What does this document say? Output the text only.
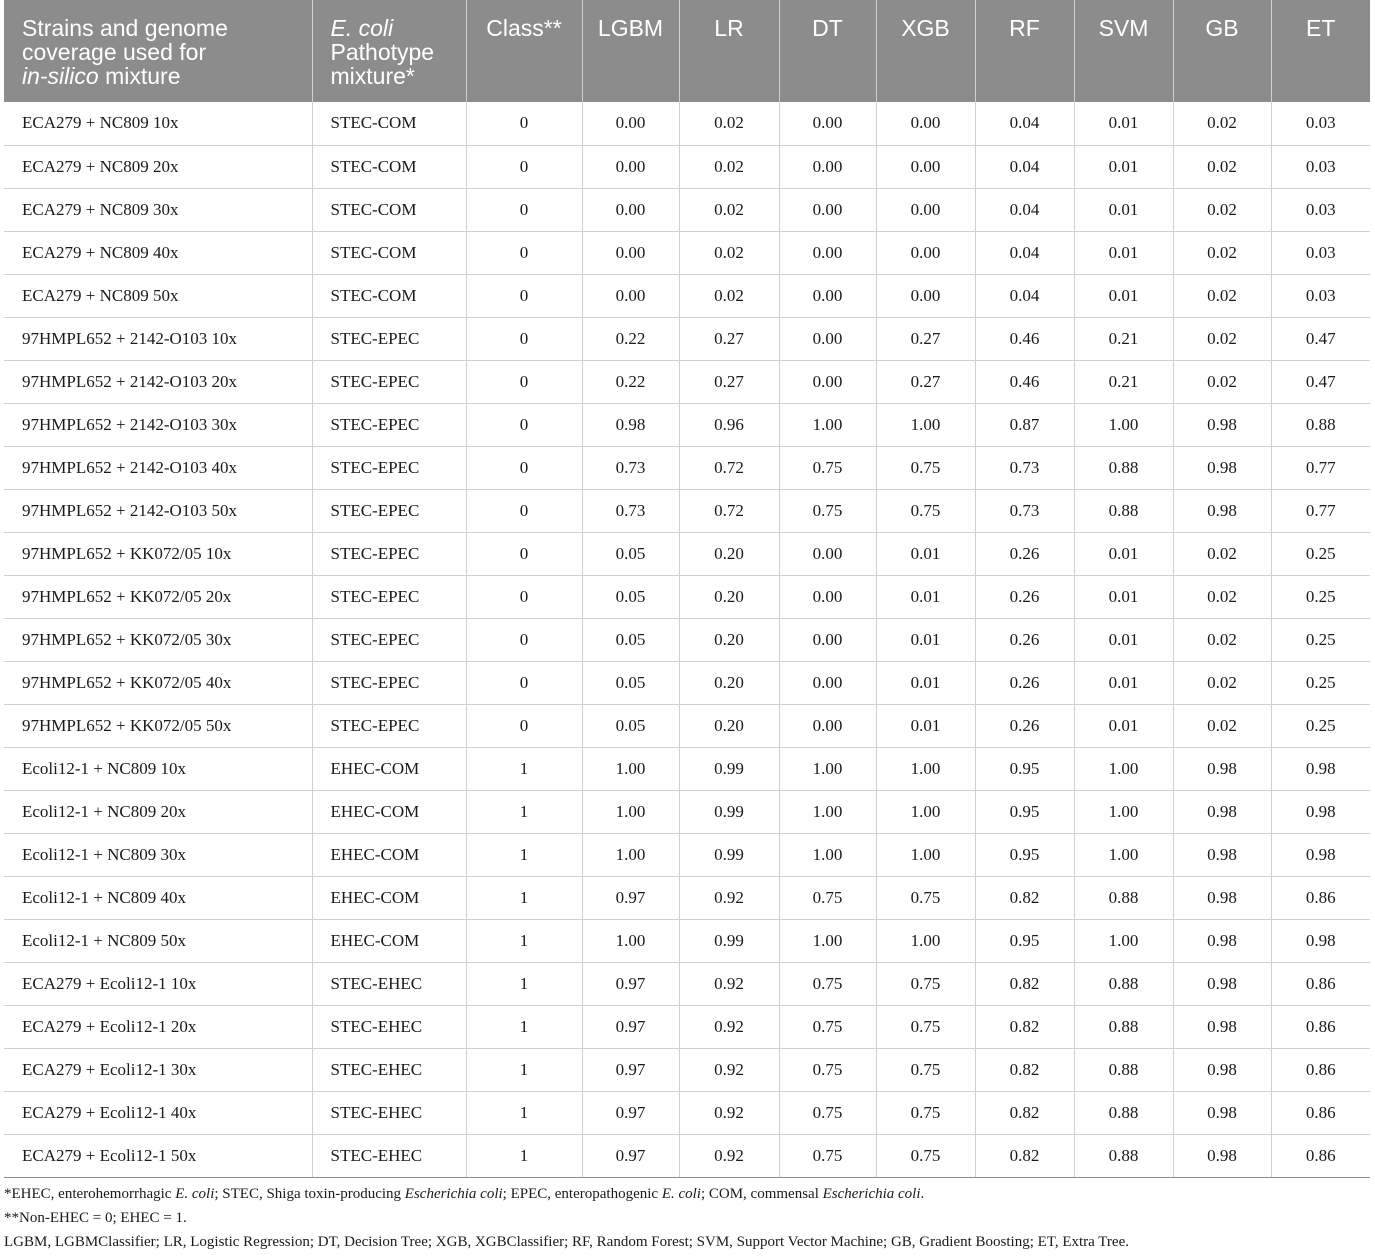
Strains and genome
coverage used for
in-silico mixture	E. coli
Pathotype
mixture*	Class**	LGBM	LR	DT	XGB	RF	SVM	GB	ET
ECA279 + NC809 10x	STEC-COM	0	0.00	0.02	0.00	0.00	0.04	0.01	0.02	0.03
ECA279 + NC809 20x	STEC-COM	0	0.00	0.02	0.00	0.00	0.04	0.01	0.02	0.03
ECA279 + NC809 30x	STEC-COM	0	0.00	0.02	0.00	0.00	0.04	0.01	0.02	0.03
ECA279 + NC809 40x	STEC-COM	0	0.00	0.02	0.00	0.00	0.04	0.01	0.02	0.03
ECA279 + NC809 50x	STEC-COM	0	0.00	0.02	0.00	0.00	0.04	0.01	0.02	0.03
97HMPL652 + 2142-O103 10x	STEC-EPEC	0	0.22	0.27	0.00	0.27	0.46	0.21	0.02	0.47
97HMPL652 + 2142-O103 20x	STEC-EPEC	0	0.22	0.27	0.00	0.27	0.46	0.21	0.02	0.47
97HMPL652 + 2142-O103 30x	STEC-EPEC	0	0.98	0.96	1.00	1.00	0.87	1.00	0.98	0.88
97HMPL652 + 2142-O103 40x	STEC-EPEC	0	0.73	0.72	0.75	0.75	0.73	0.88	0.98	0.77
97HMPL652 + 2142-O103 50x	STEC-EPEC	0	0.73	0.72	0.75	0.75	0.73	0.88	0.98	0.77
97HMPL652 + KK072/05 10x	STEC-EPEC	0	0.05	0.20	0.00	0.01	0.26	0.01	0.02	0.25
97HMPL652 + KK072/05 20x	STEC-EPEC	0	0.05	0.20	0.00	0.01	0.26	0.01	0.02	0.25
97HMPL652 + KK072/05 30x	STEC-EPEC	0	0.05	0.20	0.00	0.01	0.26	0.01	0.02	0.25
97HMPL652 + KK072/05 40x	STEC-EPEC	0	0.05	0.20	0.00	0.01	0.26	0.01	0.02	0.25
97HMPL652 + KK072/05 50x	STEC-EPEC	0	0.05	0.20	0.00	0.01	0.26	0.01	0.02	0.25
Ecoli12-1 + NC809 10x	EHEC-COM	1	1.00	0.99	1.00	1.00	0.95	1.00	0.98	0.98
Ecoli12-1 + NC809 20x	EHEC-COM	1	1.00	0.99	1.00	1.00	0.95	1.00	0.98	0.98
Ecoli12-1 + NC809 30x	EHEC-COM	1	1.00	0.99	1.00	1.00	0.95	1.00	0.98	0.98
Ecoli12-1 + NC809 40x	EHEC-COM	1	0.97	0.92	0.75	0.75	0.82	0.88	0.98	0.86
Ecoli12-1 + NC809 50x	EHEC-COM	1	1.00	0.99	1.00	1.00	0.95	1.00	0.98	0.98
ECA279 + Ecoli12-1 10x	STEC-EHEC	1	0.97	0.92	0.75	0.75	0.82	0.88	0.98	0.86
ECA279 + Ecoli12-1 20x	STEC-EHEC	1	0.97	0.92	0.75	0.75	0.82	0.88	0.98	0.86
ECA279 + Ecoli12-1 30x	STEC-EHEC	1	0.97	0.92	0.75	0.75	0.82	0.88	0.98	0.86
ECA279 + Ecoli12-1 40x	STEC-EHEC	1	0.97	0.92	0.75	0.75	0.82	0.88	0.98	0.86
ECA279 + Ecoli12-1 50x	STEC-EHEC	1	0.97	0.92	0.75	0.75	0.82	0.88	0.98	0.86
*EHEC, enterohemorrhagic E. coli; STEC, Shiga toxin-producing Escherichia coli; EPEC, enteropathogenic E. coli; COM, commensal Escherichia coli.
**Non-EHEC = 0; EHEC = 1.
LGBM, LGBMClassifier; LR, Logistic Regression; DT, Decision Tree; XGB, XGBClassifier; RF, Random Forest; SVM, Support Vector Machine; GB, Gradient Boosting; ET, Extra Tree.
